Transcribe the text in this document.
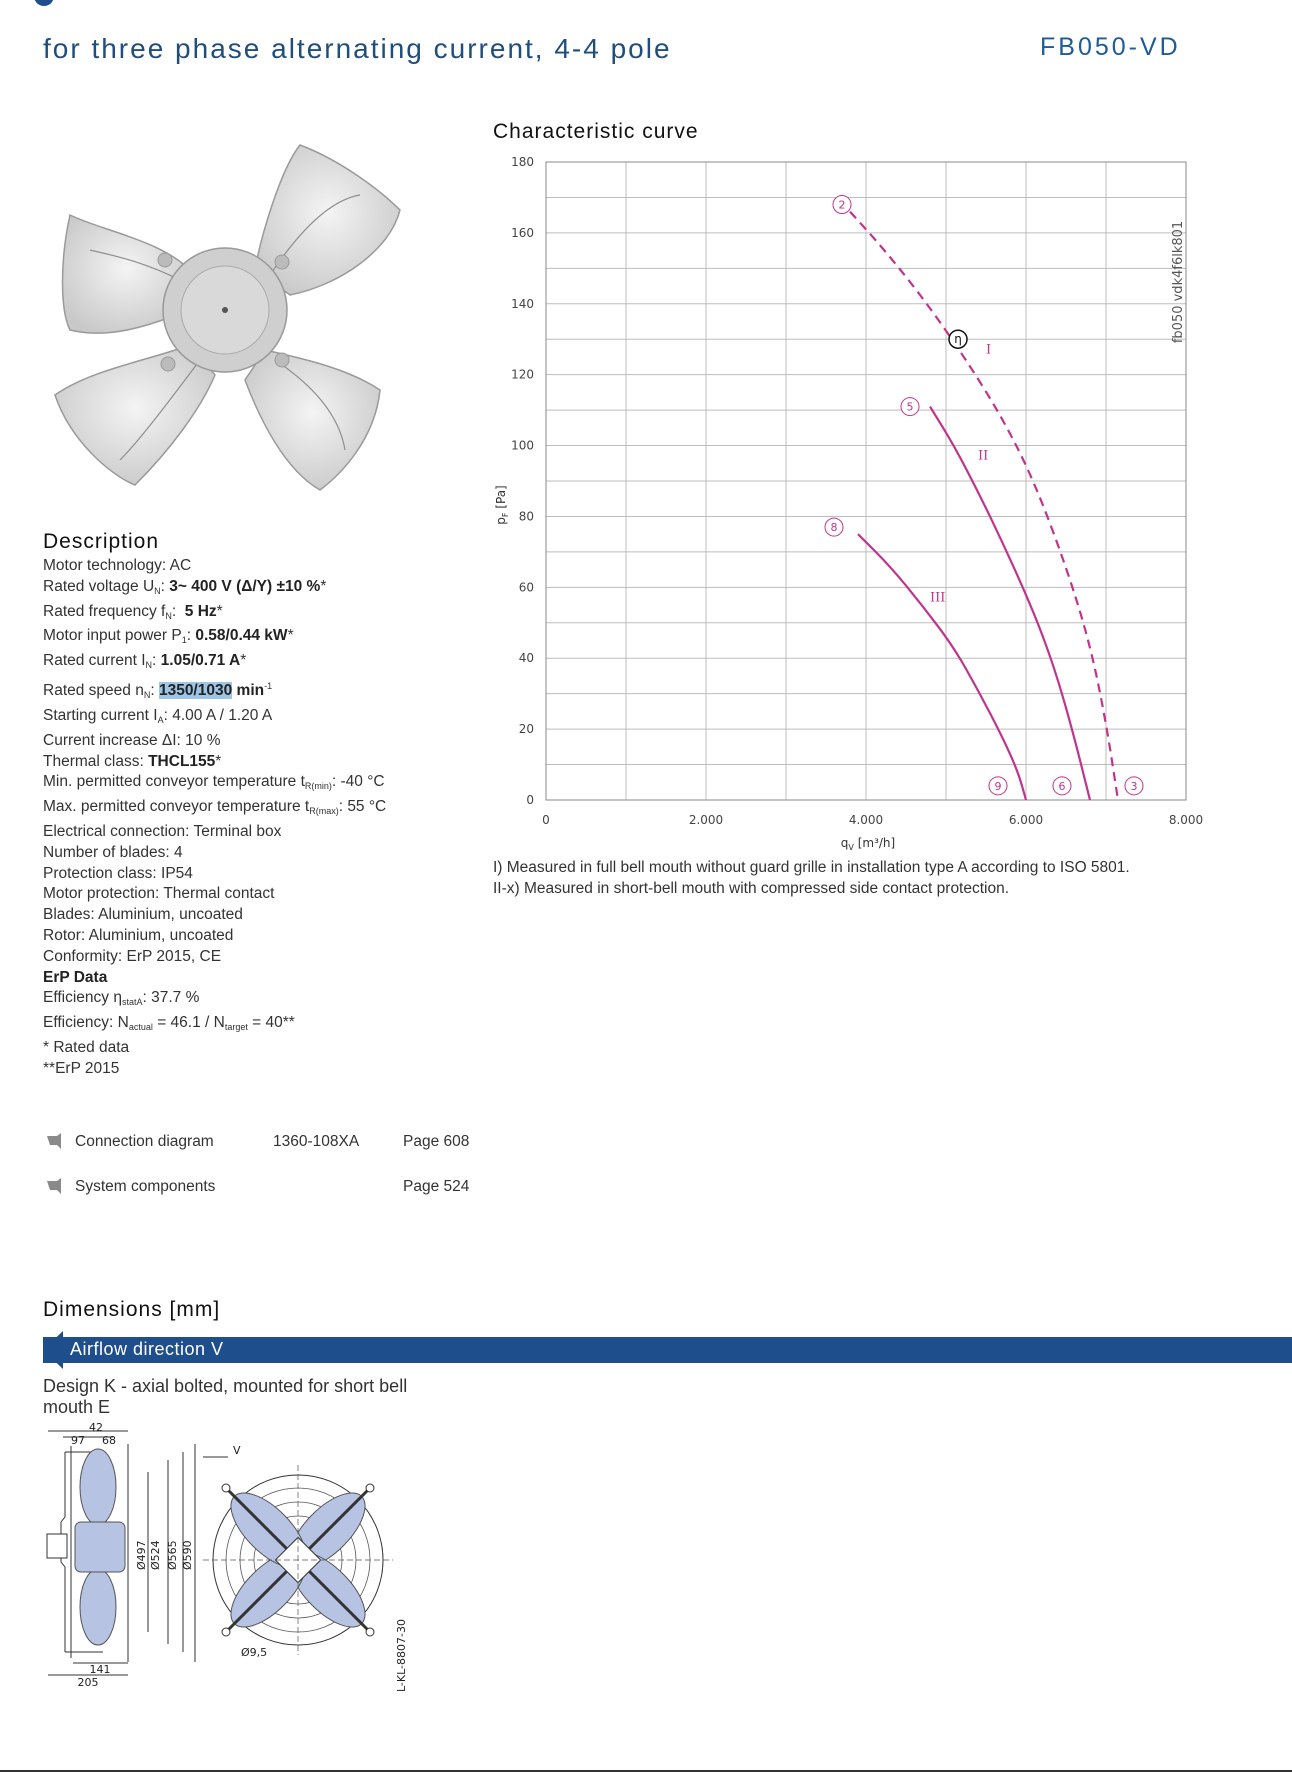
for three phase alternating current, 4-4 pole	FB050-VD
Description
Motor technology: AC
Rated voltage $U_N$: 3~ 400 V (Δ/Y) ±10 %*
Rated frequency $f_N$:  5 Hz*
Motor input power $P_1$: 0.58/0.44 kW*
Rated current $I_N$: 1.05/0.71 A*
Rated speed $n_N$: 1350/1030 $\min^{-1}$
Starting current $I_A$: 4.00 A / 1.20 A
Current increase ΔI: 10 %
Thermal class: THCL155*
Min. permitted conveyor temperature $t_{R(min)}$: -40 °C
Max. permitted conveyor temperature $t_{R(max)}$: 55 °C
Electrical connection: Terminal box
Number of blades: 4
Protection class: IP54
Motor protection: Thermal contact
Blades: Aluminium, uncoated
Rotor: Aluminium, uncoated
Conformity: ErP 2015, CE
ErP Data
Efficiency $\eta_{statA}$: 37.7 %
Efficiency: $N_{actual} = 46.1 / N_{target} = 40**$
* Rated data
**ErP 2015
Connection diagram	1360-108XA	Page 608
System components	Page 524
Characteristic curve
0
20
40
60
80
100
120
140
160
180
0	2.000	4.000	6.000	8.000
I
II
III
2
5
8
9	6	3
η
$p_F$ [Pa]
$q_V$ [m³/h]
fb050 vdk4f6lk801
I) Measured in full bell mouth without guard grille in installation type A according to ISO 5801.
II-x) Measured in short-bell mouth with compressed side contact protection.
Dimensions [mm]
Airflow direction V
Design K - axial bolted, mounted for short bell mouth E
42
97 68
V
Ø497 Ø524 Ø565 Ø590
141
205
Ø9,5	L-KL-8807-30
